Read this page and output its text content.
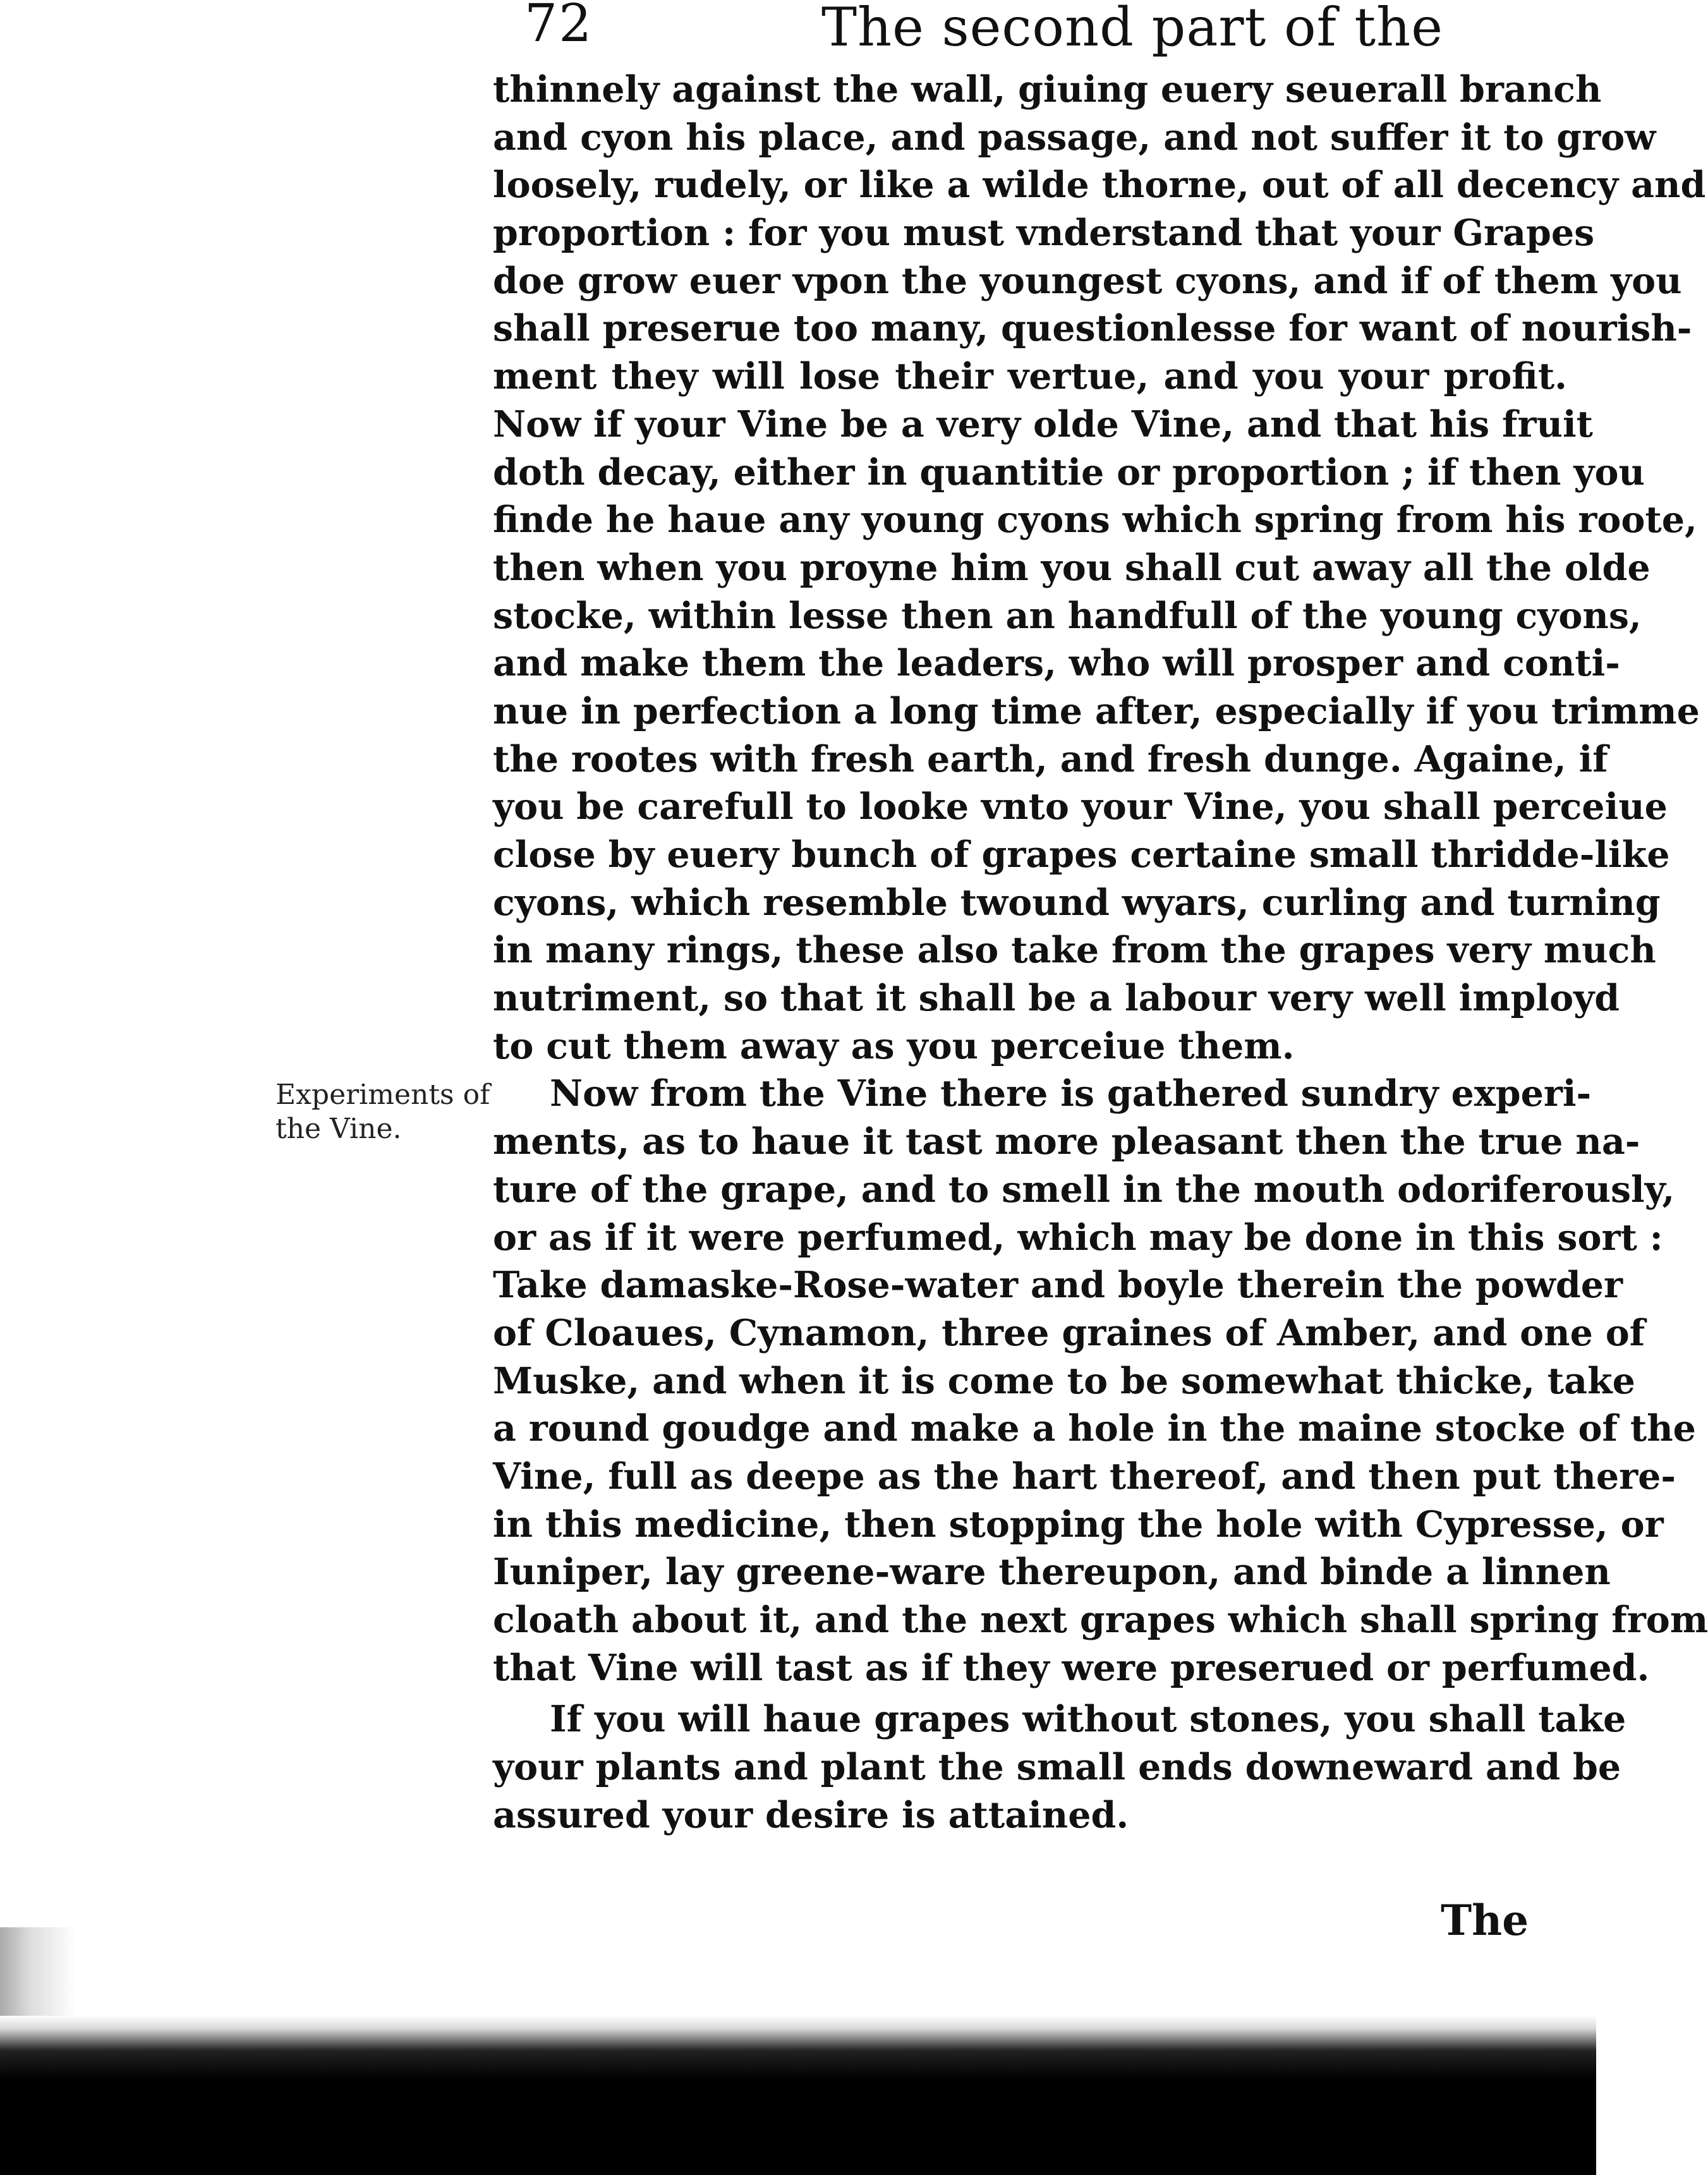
72	The second part of the
Experiments of
the Vine.
thinnely against the wall, giuing euery seuerall branch
and cyon his place, and passage, and not suffer it to grow
loosely, rudely, or like a wilde thorne, out of all decency and
proportion : for you must vnderstand that your Grapes
doe grow euer vpon the youngest cyons, and if of them you
shall preserue too many, questionlesse for want of nourish-
ment they will lose their vertue, and you your profit.
Now if your Vine be a very olde Vine, and that his fruit
doth decay, either in quantitie or proportion ; if then you
finde he haue any young cyons which spring from his roote,
then when you proyne him you shall cut away all the olde
stocke, within lesse then an handfull of the young cyons,
and make them the leaders, who will prosper and conti-
nue in perfection a long time after, especially if you trimme
the rootes with fresh earth, and fresh dunge. Againe, if
you be carefull to looke vnto your Vine, you shall perceiue
close by euery bunch of grapes certaine small thridde-like
cyons, which resemble twound wyars, curling and turning
in many rings, these also take from the grapes very much
nutriment, so that it shall be a labour very well imployd
to cut them away as you perceiue them.
Now from the Vine there is gathered sundry experi-
ments, as to haue it tast more pleasant then the true na-
ture of the grape, and to smell in the mouth odoriferously,
or as if it were perfumed, which may be done in this sort :
Take damaske-Rose-water and boyle therein the powder
of Cloaues, Cynamon, three graines of Amber, and one of
Muske, and when it is come to be somewhat thicke, take
a round goudge and make a hole in the maine stocke of the
Vine, full as deepe as the hart thereof, and then put there-
in this medicine, then stopping the hole with Cypresse, or
Iuniper, lay greene-ware thereupon, and binde a linnen
cloath about it, and the next grapes which shall spring from
that Vine will tast as if they were preserued or perfumed.
If you will haue grapes without stones, you shall take
your plants and plant the small ends downeward and be
assured your desire is attained.
The
